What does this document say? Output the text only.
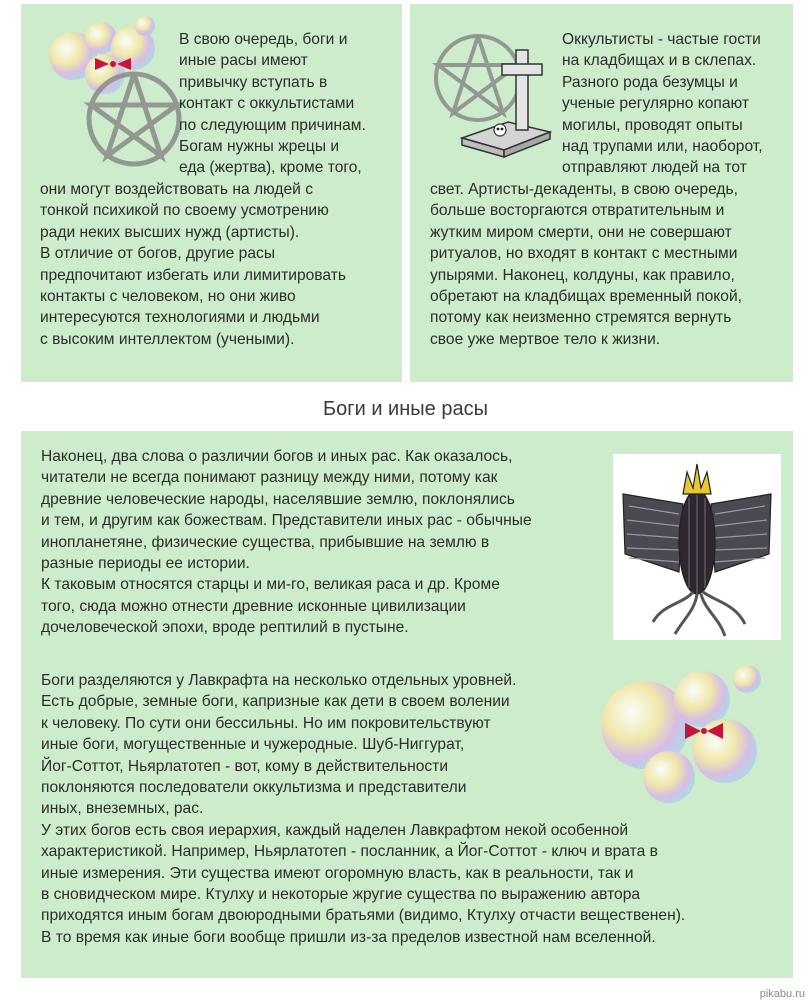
В свою очередь, боги и
иные расы имеют
привычку вступать в
контакт с оккультистами
по следующим причинам.
Богам нужны жрецы и
еда (жертва), кроме того,
они могут воздействовать на людей с
тонкой психикой по своему усмотрению
ради неких высших нужд (артисты).
В отличие от богов, другие расы
предпочитают избегать или лимитировать
контакты с человеком, но они живо
интересуются технологиями и людьми
с высоким интеллектом (учеными).
Оккультисты - частые гости
на кладбищах и в склепах.
Разного рода безумцы и
ученые регулярно копают
могилы, проводят опыты
над трупами или, наоборот,
отправляют людей на тот
свет. Артисты-декаденты, в свою очередь,
больше восторгаются отвратительным и
жутким миром смерти, они не совершают
ритуалов, но входят в контакт с местными
упырями. Наконец, колдуны, как правило,
обретают на кладбищах временный покой,
потому как неизменно стремятся вернуть
свое уже мертвое тело к жизни.
Боги и иные расы
Наконец, два слова о различии богов и иных рас. Как оказалось,
читатели не всегда понимают разницу между ними, потому как
древние человеческие народы, населявшие землю, поклонялись
и тем, и другим как божествам. Представители иных рас - обычные
инопланетяне, физические существа, прибывшие на землю в
разные периоды ее истории.
К таковым относятся старцы и ми-го, великая раса и др. Кроме
того, сюда можно отнести древние исконные цивилизации
дочеловеческой эпохи, вроде рептилий в пустыне.
Боги разделяются у Лавкрафта на несколько отдельных уровней.
Есть добрые, земные боги, капризные как дети в своем волении
к человеку. По сути они бессильны. Но им покровительствуют
иные боги, могущественные и чужеродные. Шуб-Ниггурат,
Йог-Соттот, Ньярлатотеп - вот, кому в действительности
поклоняются последователи оккультизма и представители
иных, внеземных, рас.
У этих богов есть своя иерархия, каждый наделен Лавкрафтом некой особенной
характеристикой. Например, Ньярлатотеп - посланник, а Йог-Соттот - ключ и врата в
иные измерения. Эти существа имеют огоромную власть, как в реальности, так и
в сновидческом мире. Ктулху и некоторые жругие существа по выражению автора
приходятся иным богам двоюродными братьями (видимо, Ктулху отчасти вещественен).
В то время как иные боги вообще пришли из-за пределов известной нам вселенной.
pikabu.ru
